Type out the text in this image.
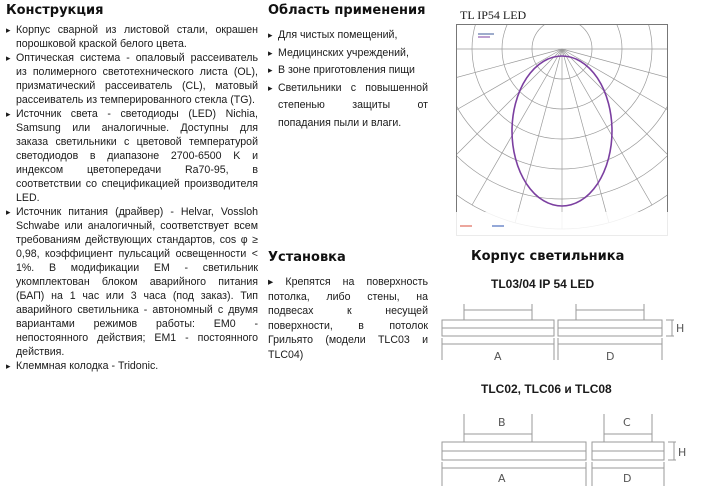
Конструкция
▸ Корпус сварной из листовой стали, окрашен порошковой краской белого цвета.
▸ Оптическая система - опаловый рассеиватель из полимерного светотехнического листа (OL), призматический рассеиватель (CL), матовый рассеиватель из темперированного стекла (TG).
▸ Источник света - светодиоды (LED) Nichia, Samsung или аналогичные. Доступны для заказа светильники с цветовой температурой светодиодов в диапазоне 2700-6500 K и индексом цветопередачи Ra70-95, в соответствии со спецификацией производителя LED.
▸ Источник питания (драйвер) - Helvar, Vossloh Schwabe или аналогичный, соответствует всем требованиям действующих стандартов, cos φ ≥ 0,98, коэффициент пульсаций освещенности < 1%. В модификации EM - светильник укомплектован блоком аварийного питания (БАП) на 1 час или 3 часа (под заказ). Тип аварийного светильника - автономный с двумя вариантами режимов работы: EM0 - непостоянного действия; EM1 - постоянного действия.
▸ Клеммная колодка - Tridonic.
Область применения
▸ Для чистых помещений,
▸ Медицинских учреждений,
▸ В зоне приготовления пищи
▸ Светильники с повышенной степенью защиты от попадания пыли и влаги.
Установка

▸ Крепятся на поверхность потолка, либо стены, на подвесах к несущей поверхности, в потолок Грильято (модели TLC03 и TLC04)

TL IP54 LED
Корпус светильника
TL03/04 IP 54 LED
TLC02, TLC06 и TLC08
A	D
H
B	C
A	D
H
